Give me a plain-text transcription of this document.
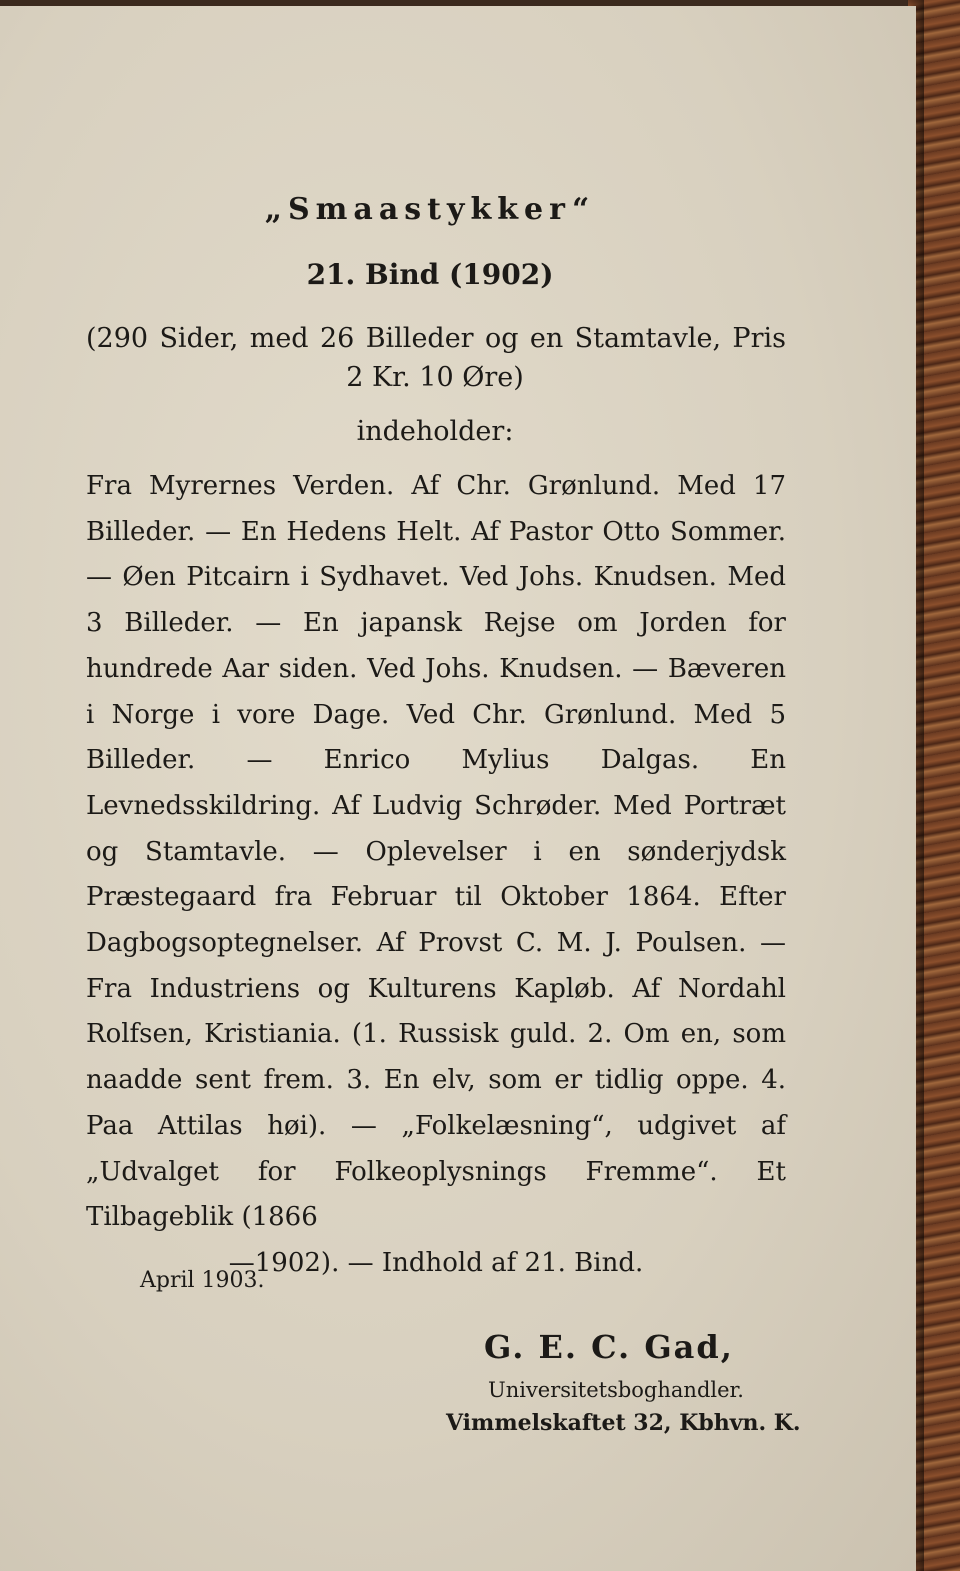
„Smaastykker“
21. Bind (1902)
(290 Sider, med 26 Billeder og en Stamtavle, Pris
2 Kr. 10 Øre)
indeholder:
Fra Myrernes Verden. Af Chr. Grønlund. Med 17 Billeder. — En Hedens Helt. Af Pastor Otto Sommer. — Øen Pitcairn i Sydhavet. Ved Johs. Knudsen. Med 3 Billeder. — En japansk Rejse om Jorden for hundrede Aar siden. Ved Johs. Knudsen. — Bæveren i Norge i vore Dage. Ved Chr. Grønlund. Med 5 Billeder. — Enrico Mylius Dalgas. En Levnedsskildring. Af Ludvig Schrøder. Med Portræt og Stamtavle. — Oplevelser i en sønderjydsk Præstegaard fra Februar til Oktober 1864. Efter Dagbogsoptegnelser. Af Provst C. M. J. Poulsen. — Fra Industriens og Kulturens Kapløb. Af Nordahl Rolfsen, Kristiania. (1. Russisk guld. 2. Om en, som naadde sent frem. 3. En elv, som er tidlig oppe. 4. Paa Attilas høi). — „Folkelæsning“, udgivet af „Udvalget for Folkeoplysnings Fremme“. Et Tilbageblik (1866
—1902). — Indhold af 21. Bind.
April 1903.
G. E. C. Gad,
Universitetsboghandler.
Vimmelskaftet 32, Kbhvn. K.
